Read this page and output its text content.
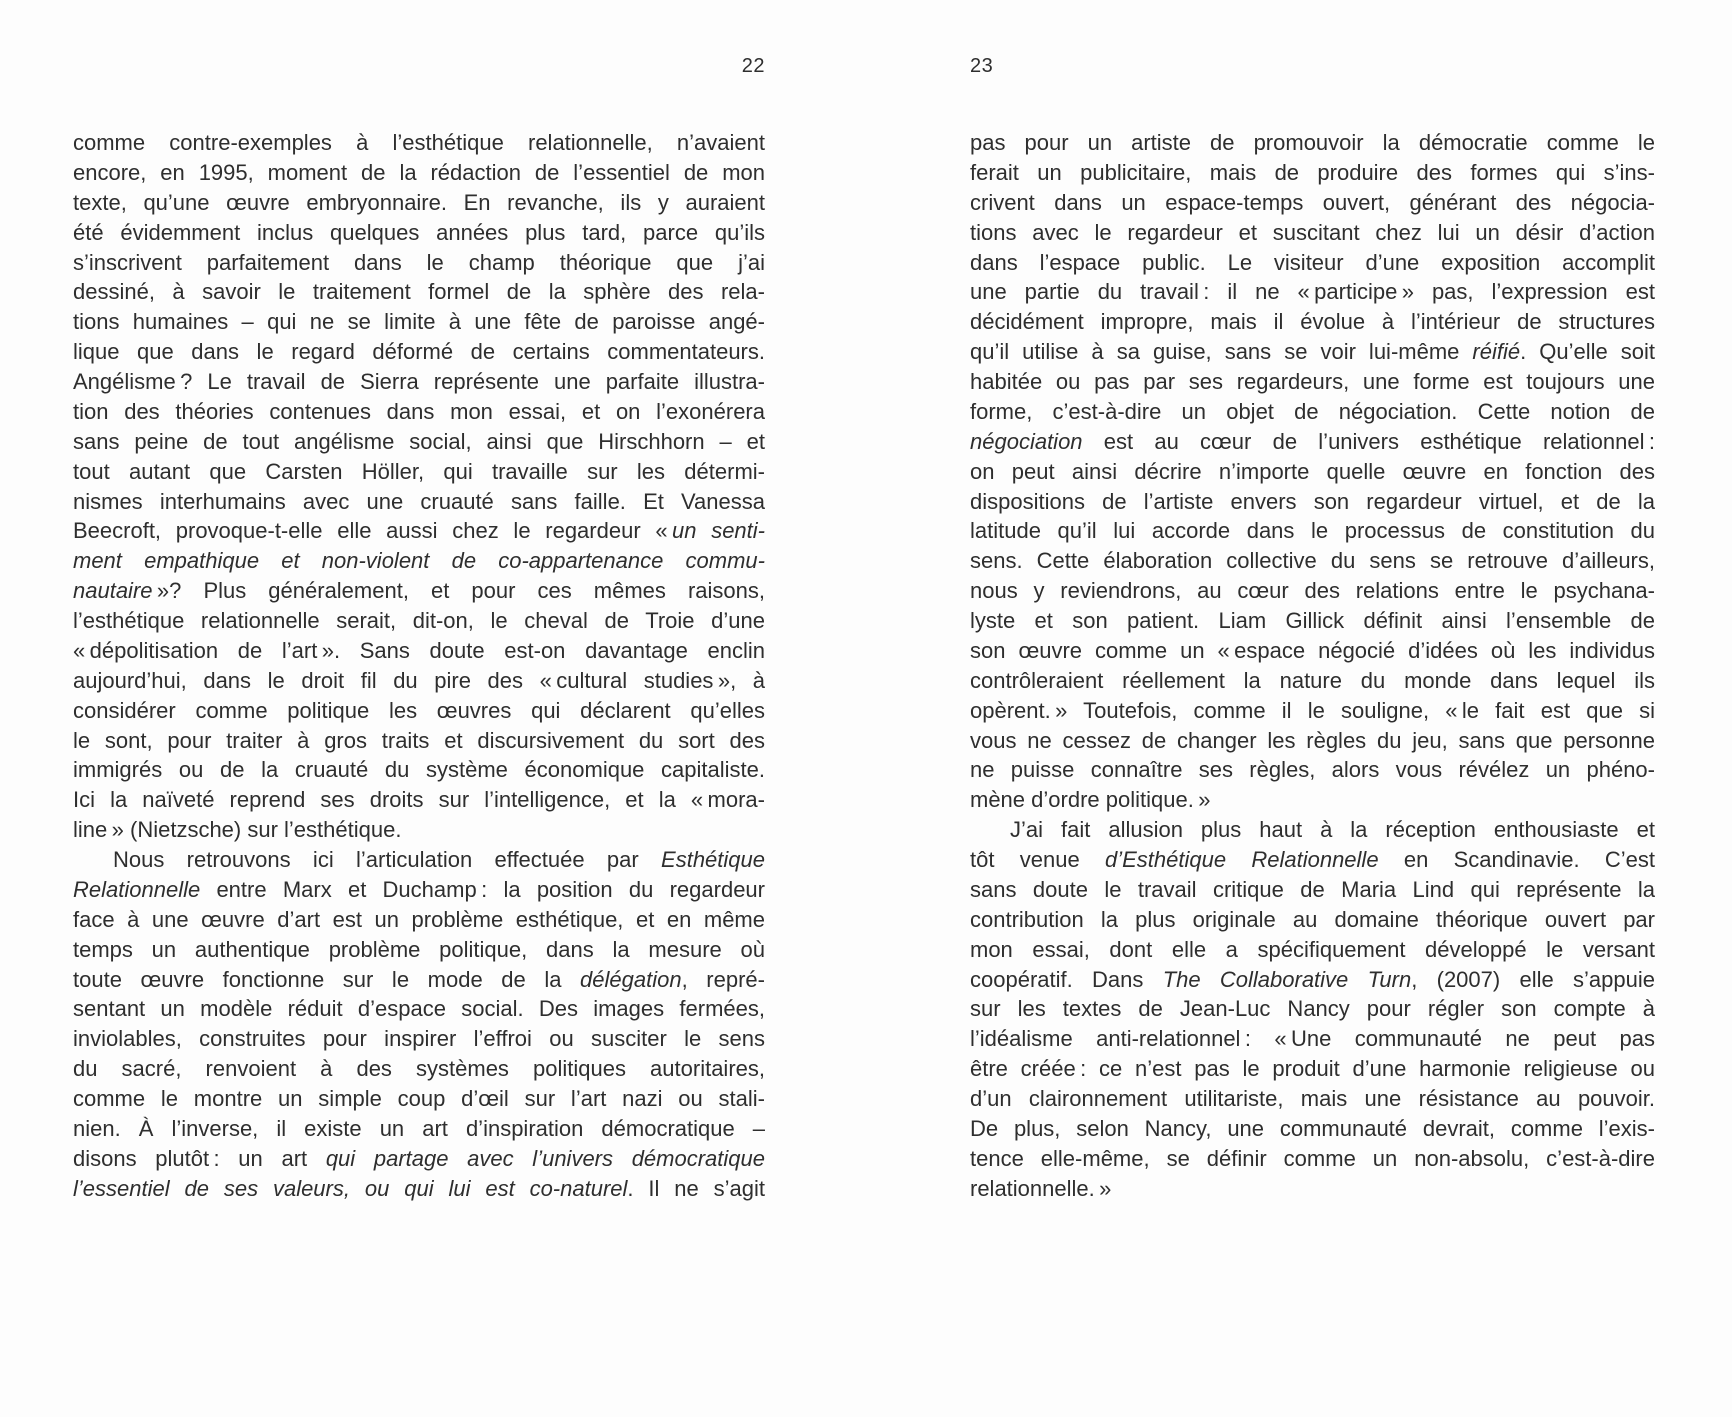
22
comme contre-exemples à l’esthétique relationnelle, n’avaient
encore, en 1995, moment de la rédaction de l’essentiel de mon
texte, qu’une œuvre embryonnaire. En revanche, ils y auraient
été évidemment inclus quelques années plus tard, parce qu’ils
s’inscrivent parfaitement dans le champ théorique que j’ai
dessiné, à savoir le traitement formel de la sphère des rela-
tions humaines – qui ne se limite à une fête de paroisse angé-
lique que dans le regard déformé de certains commentateurs.
Angélisme ? Le travail de Sierra représente une parfaite illustra-
tion des théories contenues dans mon essai, et on l’exonérera
sans peine de tout angélisme social, ainsi que Hirschhorn – et
tout autant que Carsten Höller, qui travaille sur les détermi-
nismes interhumains avec une cruauté sans faille. Et Vanessa
Beecroft, provoque-t-elle elle aussi chez le regardeur « un senti-
ment empathique et non-violent de co-appartenance commu-
nautaire »? Plus généralement, et pour ces mêmes raisons,
l’esthétique relationnelle serait, dit-on, le cheval de Troie d’une
« dépolitisation de l’art ». Sans doute est-on davantage enclin
aujourd’hui, dans le droit fil du pire des « cultural studies », à
considérer comme politique les œuvres qui déclarent qu’elles
le sont, pour traiter à gros traits et discursivement du sort des
immigrés ou de la cruauté du système économique capitaliste.
Ici la naïveté reprend ses droits sur l’intelligence, et la « mora-
line » (Nietzsche) sur l’esthétique.
Nous retrouvons ici l’articulation effectuée par Esthétique
Relationnelle entre Marx et Duchamp : la position du regardeur
face à une œuvre d’art est un problème esthétique, et en même
temps un authentique problème politique, dans la mesure où
toute œuvre fonctionne sur le mode de la délégation, repré-
sentant un modèle réduit d’espace social. Des images fermées,
inviolables, construites pour inspirer l’effroi ou susciter le sens
du sacré, renvoient à des systèmes politiques autoritaires,
comme le montre un simple coup d’œil sur l’art nazi ou stali-
nien. À l’inverse, il existe un art d’inspiration démocratique –
disons plutôt : un art qui partage avec l’univers démocratique
l’essentiel de ses valeurs, ou qui lui est co-naturel. Il ne s’agit
23
pas pour un artiste de promouvoir la démocratie comme le
ferait un publicitaire, mais de produire des formes qui s’ins-
crivent dans un espace-temps ouvert, générant des négocia-
tions avec le regardeur et suscitant chez lui un désir d’action
dans l’espace public. Le visiteur d’une exposition accomplit
une partie du travail : il ne « participe » pas, l’expression est
décidément impropre, mais il évolue à l’intérieur de structures
qu’il utilise à sa guise, sans se voir lui-même réifié. Qu’elle soit
habitée ou pas par ses regardeurs, une forme est toujours une
forme, c’est-à-dire un objet de négociation. Cette notion de
négociation est au cœur de l’univers esthétique relationnel :
on peut ainsi décrire n’importe quelle œuvre en fonction des
dispositions de l’artiste envers son regardeur virtuel, et de la
latitude qu’il lui accorde dans le processus de constitution du
sens. Cette élaboration collective du sens se retrouve d’ailleurs,
nous y reviendrons, au cœur des relations entre le psychana-
lyste et son patient. Liam Gillick définit ainsi l’ensemble de
son œuvre comme un « espace négocié d’idées où les individus
contrôleraient réellement la nature du monde dans lequel ils
opèrent. » Toutefois, comme il le souligne, « le fait est que si
vous ne cessez de changer les règles du jeu, sans que personne
ne puisse connaître ses règles, alors vous révélez un phéno-
mène d’ordre politique. »
J’ai fait allusion plus haut à la réception enthousiaste et
tôt venue d’Esthétique Relationnelle en Scandinavie. C’est
sans doute le travail critique de Maria Lind qui représente la
contribution la plus originale au domaine théorique ouvert par
mon essai, dont elle a spécifiquement développé le versant
coopératif. Dans The Collaborative Turn, (2007) elle s’appuie
sur les textes de Jean-Luc Nancy pour régler son compte à
l’idéalisme anti-relationnel : « Une communauté ne peut pas
être créée : ce n’est pas le produit d’une harmonie religieuse ou
d’un claironnement utilitariste, mais une résistance au pouvoir.
De plus, selon Nancy, une communauté devrait, comme l’exis-
tence elle-même, se définir comme un non-absolu, c’est-à-dire
relationnelle. »
